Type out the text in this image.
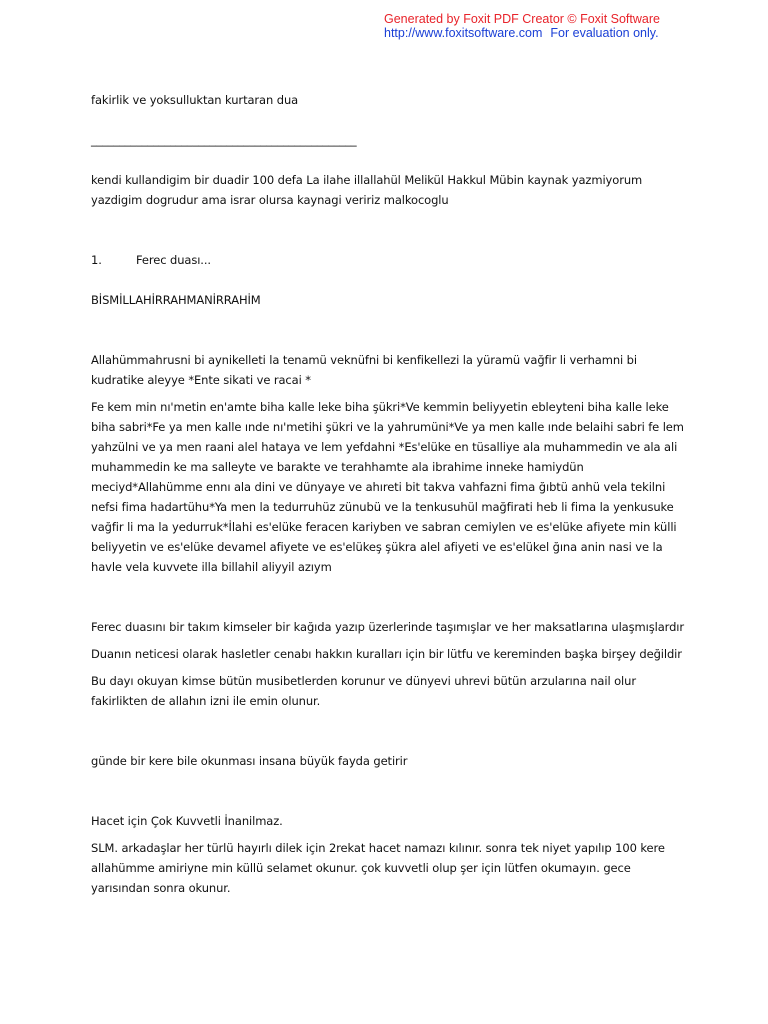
Generated by Foxit PDF Creator © Foxit Software
http://www.foxitsoftware.com For evaluation only.

fakirlik ve yoksulluktan kurtaran dua

_______________________________________________

kendi kullandigim bir duadir 100 defa La ilahe illallahül Melikül Hakkul Mübin kaynak yazmiyorum yazdigim dogrudur ama israr olursa kaynagi veririz malkocoglu

1.	Ferec duası...

BİSMİLLAHİRRAHMANİRRAHİM

Allahümmahrusni bi aynikelleti la tenamü veknüfni bi kenfikellezi la yüramü vağfir li verhamni bi kudratike aleyye *Ente sikati ve racai *

Fe kem min nı'metin en'amte biha kalle leke biha şükri*Ve kemmin beliyyetin ebleyteni biha kalle leke biha sabri*Fe ya men kalle ınde nı'metihi şükri ve la yahrumüni*Ve ya men kalle ınde belaihi sabri fe lem yahzülni ve ya men raani alel hataya ve lem yefdahni *Es'elüke en tüsalliye ala muhammedin ve ala ali muhammedin ke ma salleyte ve barakte ve terahhamte ala ibrahime inneke hamiydün meciyd*Allahümme ennı ala dini ve dünyaye ve ahıreti bit takva vahfazni fima ğıbtü anhü vela tekilni nefsi fima hadartühu*Ya men la tedurruhüz zünubü ve la tenkusuhül mağfirati heb li fima la yenkusuke vağfir li ma la yedurruk*İlahi es'elüke feracen kariyben ve sabran cemiylen ve es'elüke afiyete min külli beliyyetin ve es'elüke devamel afiyete ve es'elükeş şükra alel afiyeti ve es'elükel ğına anin nasi ve la havle vela kuvvete illa billahil aliyyil azıym

Ferec duasını bir takım kimseler bir kağıda yazıp üzerlerinde taşımışlar ve her maksatlarına ulaşmışlardır

Duanın neticesi olarak hasletler cenabı hakkın kuralları için bir lütfu ve kereminden başka birşey değildir

Bu dayı okuyan kimse bütün musibetlerden korunur ve dünyevi uhrevi bütün arzularına nail olur fakirlikten de allahın izni ile emin olunur.

günde bir kere bile okunması insana büyük fayda getirir

Hacet için Çok Kuvvetli İnanilmaz.

SLM. arkadaşlar her türlü hayırlı dilek için 2rekat hacet namazı kılınır. sonra tek niyet yapılıp 100 kere allahümme amiriyne min küllü selamet okunur. çok kuvvetli olup şer için lütfen okumayın. gece yarısından sonra okunur.
